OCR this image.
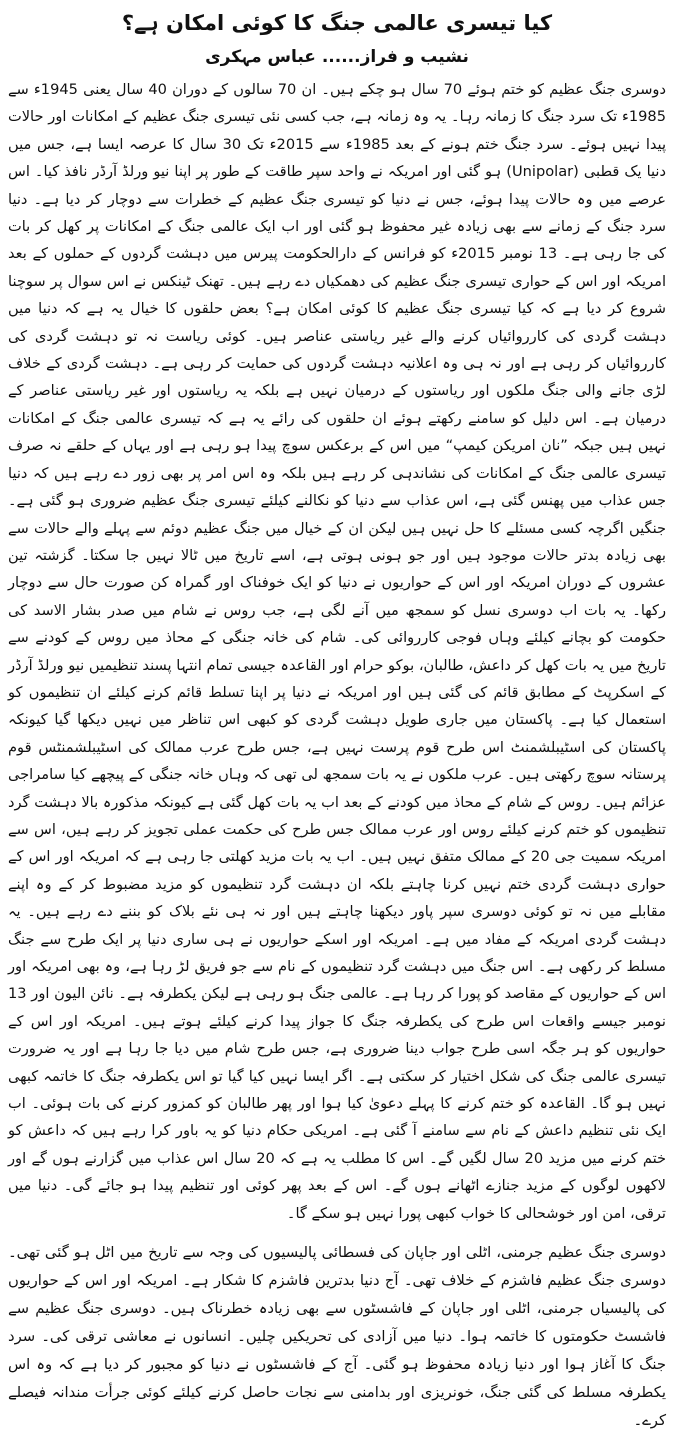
کیا تیسری عالمی جنگ کا کوئی امکان ہے؟
نشیب و فراز...... عباس مہکری

دوسری جنگ عظیم کو ختم ہوئے 70 سال ہو چکے ہیں۔ ان 70 سالوں کے دوران 40 سال یعنی 1945ء سے 1985ء تک سرد جنگ کا زمانہ رہا۔ یہ وہ زمانہ ہے، جب کسی نئی تیسری جنگ عظیم کے امکانات اور حالات پیدا نہیں ہوئے۔ سرد جنگ ختم ہونے کے بعد 1985ء سے 2015ء تک 30 سال کا عرصہ ایسا ہے، جس میں دنیا یک قطبی (Unipolar) ہو گئی اور امریکہ نے واحد سپر طاقت کے طور پر اپنا نیو ورلڈ آرڈر نافذ کیا۔ اس عرصے میں وہ حالات پیدا ہوئے، جس نے دنیا کو تیسری جنگ عظیم کے خطرات سے دوچار کر دیا ہے۔ دنیا سرد جنگ کے زمانے سے بھی زیادہ غیر محفوظ ہو گئی اور اب ایک عالمی جنگ کے امکانات پر کھل کر بات کی جا رہی ہے۔ 13 نومبر 2015ء کو فرانس کے دارالحکومت پیرس میں دہشت گردوں کے حملوں کے بعد امریکہ اور اس کے حواری تیسری جنگ عظیم کی دھمکیاں دے رہے ہیں۔ تھنک ٹینکس نے اس سوال پر سوچنا شروع کر دیا ہے کہ کیا تیسری جنگ عظیم کا کوئی امکان ہے؟ بعض حلقوں کا خیال یہ ہے کہ دنیا میں دہشت گردی کی کارروائیاں کرنے والے غیر ریاستی عناصر ہیں۔ کوئی ریاست نہ تو دہشت گردی کی کارروائیاں کر رہی ہے اور نہ ہی وہ اعلانیہ دہشت گردوں کی حمایت کر رہی ہے۔ دہشت گردی کے خلاف لڑی جانے والی جنگ ملکوں اور ریاستوں کے درمیان نہیں ہے بلکہ یہ ریاستوں اور غیر ریاستی عناصر کے درمیان ہے۔ اس دلیل کو سامنے رکھتے ہوئے ان حلقوں کی رائے یہ ہے کہ تیسری عالمی جنگ کے امکانات نہیں ہیں جبکہ ”نان امریکن کیمپ“ میں اس کے برعکس سوچ پیدا ہو رہی ہے اور یہاں کے حلقے نہ صرف تیسری عالمی جنگ کے امکانات کی نشاندہی کر رہے ہیں بلکہ وہ اس امر پر بھی زور دے رہے ہیں کہ دنیا جس عذاب میں پھنس گئی ہے، اس عذاب سے دنیا کو نکالنے کیلئے تیسری جنگ عظیم ضروری ہو گئی ہے۔ جنگیں اگرچہ کسی مسئلے کا حل نہیں ہیں لیکن ان کے خیال میں جنگ عظیم دوئم سے پہلے والے حالات سے بھی زیادہ بدتر حالات موجود ہیں اور جو ہونی ہوتی ہے، اسے تاریخ میں ٹالا نہیں جا سکتا۔ گزشتہ تین عشروں کے دوران امریکہ اور اس کے حواریوں نے دنیا کو ایک خوفناک اور گمراہ کن صورت حال سے دوچار رکھا۔ یہ بات اب دوسری نسل کو سمجھ میں آنے لگی ہے، جب روس نے شام میں صدر بشار الاسد کی حکومت کو بچانے کیلئے وہاں فوجی کارروائی کی۔ شام کی خانہ جنگی کے محاذ میں روس کے کودنے سے تاریخ میں یہ بات کھل کر داعش، طالبان، بوکو حرام اور القاعدہ جیسی تمام انتہا پسند تنظیمیں نیو ورلڈ آرڈر کے اسکرپٹ کے مطابق قائم کی گئی ہیں اور امریکہ نے دنیا پر اپنا تسلط قائم کرنے کیلئے ان تنظیموں کو استعمال کیا ہے۔ پاکستان میں جاری طویل دہشت گردی کو کبھی اس تناظر میں نہیں دیکھا گیا کیونکہ پاکستان کی اسٹیبلشمنٹ اس طرح قوم پرست نہیں ہے، جس طرح عرب ممالک کی اسٹیبلشمنٹس قوم پرستانہ سوچ رکھتی ہیں۔ عرب ملکوں نے یہ بات سمجھ لی تھی کہ وہاں خانہ جنگی کے پیچھے کیا سامراجی عزائم ہیں۔ روس کے شام کے محاذ میں کودنے کے بعد اب یہ بات کھل گئی ہے کیونکہ مذکورہ بالا دہشت گرد تنظیموں کو ختم کرنے کیلئے روس اور عرب ممالک جس طرح کی حکمت عملی تجویز کر رہے ہیں، اس سے امریکہ سمیت جی 20 کے ممالک متفق نہیں ہیں۔ اب یہ بات مزید کھلتی جا رہی ہے کہ امریکہ اور اس کے حواری دہشت گردی ختم نہیں کرنا چاہتے بلکہ ان دہشت گرد تنظیموں کو مزید مضبوط کر کے وہ اپنے مقابلے میں نہ تو کوئی دوسری سپر پاور دیکھنا چاہتے ہیں اور نہ ہی نئے بلاک کو بننے دے رہے ہیں۔ یہ دہشت گردی امریکہ کے مفاد میں ہے۔ امریکہ اور اسکے حواریوں نے ہی ساری دنیا پر ایک طرح سے جنگ مسلط کر رکھی ہے۔ اس جنگ میں دہشت گرد تنظیموں کے نام سے جو فریق لڑ رہا ہے، وہ بھی امریکہ اور اس کے حواریوں کے مقاصد کو پورا کر رہا ہے۔ عالمی جنگ ہو رہی ہے لیکن یکطرفہ ہے۔ نائن الیون اور 13 نومبر جیسے واقعات اس طرح کی یکطرفہ جنگ کا جواز پیدا کرنے کیلئے ہوتے ہیں۔ امریکہ اور اس کے حواریوں کو ہر جگہ اسی طرح جواب دینا ضروری ہے، جس طرح شام میں دیا جا رہا ہے اور یہ ضرورت تیسری عالمی جنگ کی شکل اختیار کر سکتی ہے۔ اگر ایسا نہیں کیا گیا تو اس یکطرفہ جنگ کا خاتمہ کبھی نہیں ہو گا۔ القاعدہ کو ختم کرنے کا پہلے دعویٰ کیا ہوا اور پھر طالبان کو کمزور کرنے کی بات ہوئی۔ اب ایک نئی تنظیم داعش کے نام سے سامنے آ گئی ہے۔ امریکی حکام دنیا کو یہ باور کرا رہے ہیں کہ داعش کو ختم کرنے میں مزید 20 سال لگیں گے۔ اس کا مطلب یہ ہے کہ 20 سال اس عذاب میں گزارنے ہوں گے اور لاکھوں لوگوں کے مزید جنازے اٹھانے ہوں گے۔ اس کے بعد پھر کوئی اور تنظیم پیدا ہو جائے گی۔ دنیا میں ترقی، امن اور خوشحالی کا خواب کبھی پورا نہیں ہو سکے گا۔

دوسری جنگ عظیم جرمنی، اٹلی اور جاپان کی فسطائی پالیسیوں کی وجہ سے تاریخ میں اٹل ہو گئی تھی۔ دوسری جنگ عظیم فاشزم کے خلاف تھی۔ آج دنیا بدترین فاشزم کا شکار ہے۔ امریکہ اور اس کے حواریوں کی پالیسیاں جرمنی، اٹلی اور جاپان کے فاشسٹوں سے بھی زیادہ خطرناک ہیں۔ دوسری جنگ عظیم سے فاشسٹ حکومتوں کا خاتمہ ہوا۔ دنیا میں آزادی کی تحریکیں چلیں۔ انسانوں نے معاشی ترقی کی۔ سرد جنگ کا آغاز ہوا اور دنیا زیادہ محفوظ ہو گئی۔ آج کے فاشسٹوں نے دنیا کو مجبور کر دیا ہے کہ وہ اس یکطرفہ مسلط کی گئی جنگ، خونریزی اور بدامنی سے نجات حاصل کرنے کیلئے کوئی جرأت مندانہ فیصلے کرے۔
